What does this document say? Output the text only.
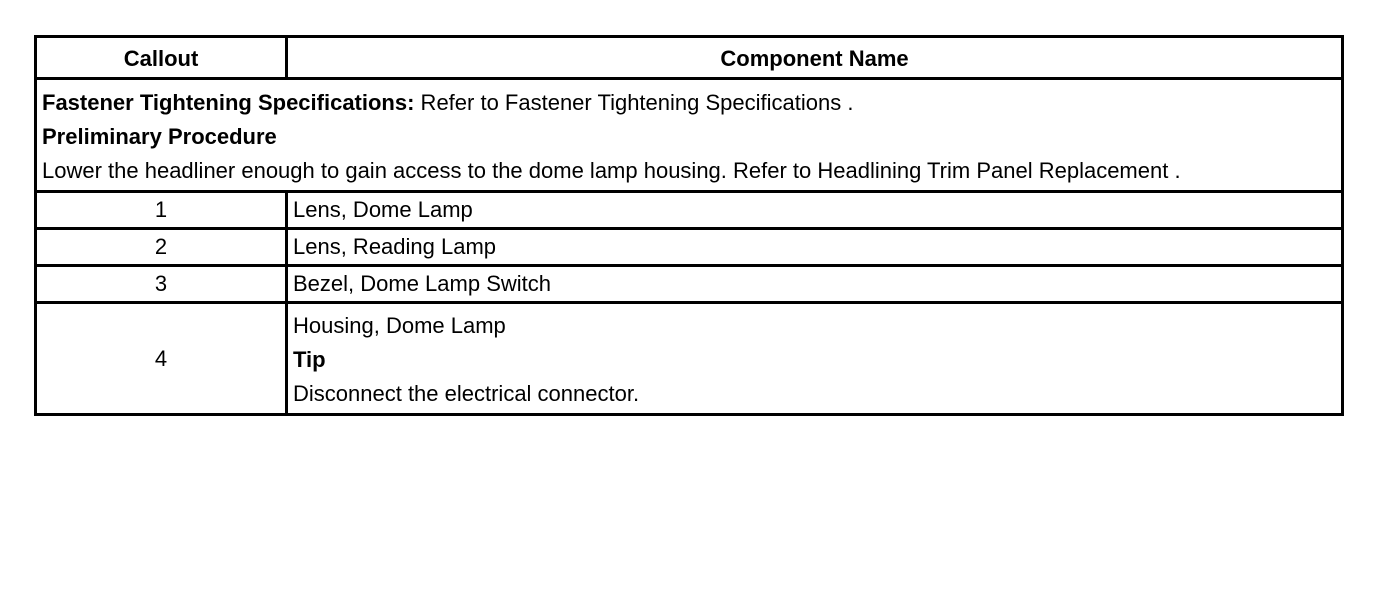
Callout	Component Name

Fastener Tightening Specifications: Refer to Fastener Tightening Specifications .
Preliminary Procedure
Lower the headliner enough to gain access to the dome lamp housing. Refer to Headlining Trim Panel Replacement .	

1	Lens, Dome Lamp
2	Lens, Reading Lamp
3	Bezel, Dome Lamp Switch
4	Housing, Dome Lamp
Tip
Disconnect the electrical connector.
